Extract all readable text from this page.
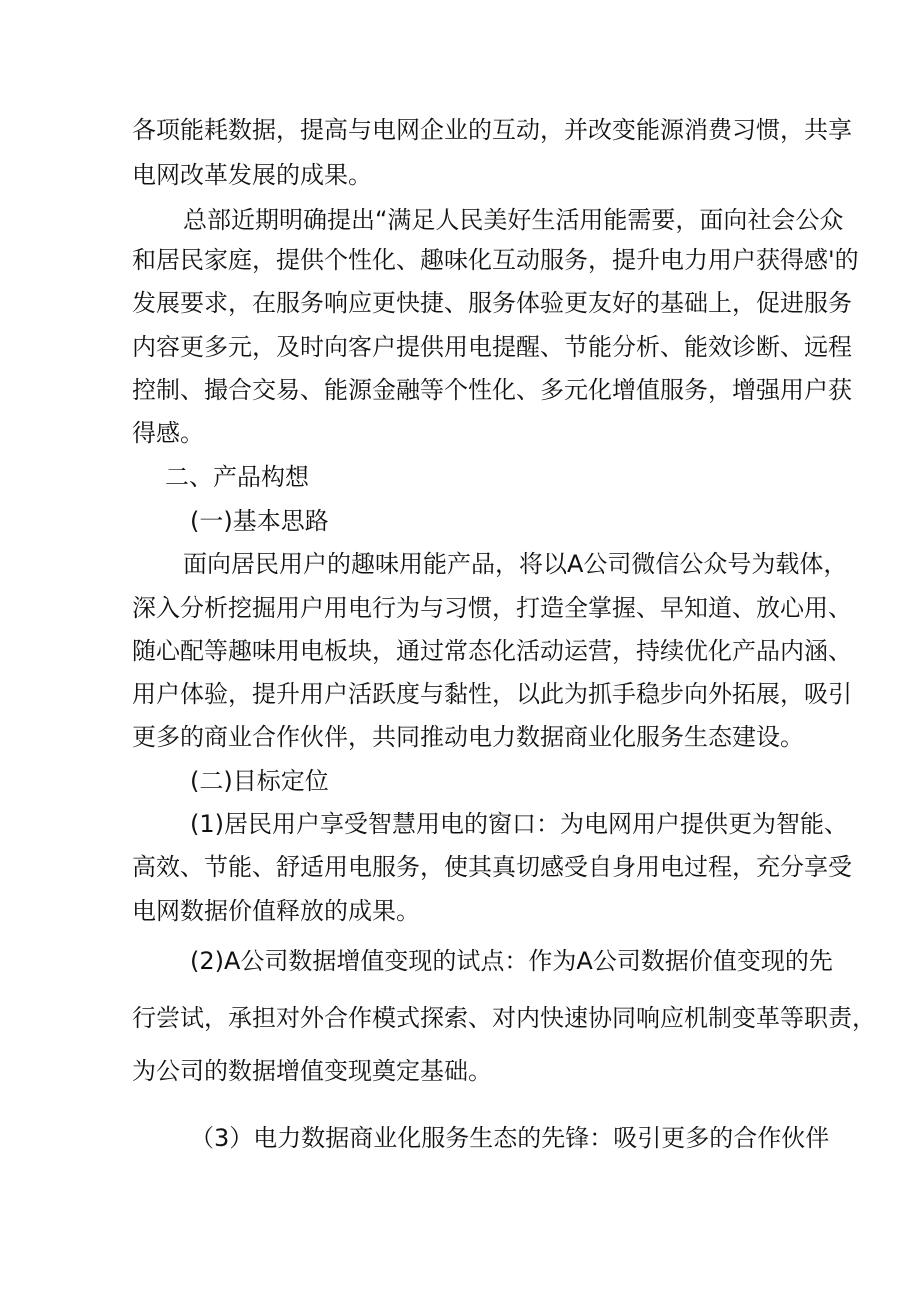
各项能耗数据，提高与电网企业的互动，并改变能源消费习惯，共享
电网改革发展的成果。
总部近期明确提出“满足人民美好生活用能需要，面向社会公众
和居民家庭，提供个性化、趣味化互动服务，提升电力用户获得感'的
发展要求，在服务响应更快捷、服务体验更友好的基础上，促进服务
内容更多元，及时向客户提供用电提醒、节能分析、能效诊断、远程
控制、撮合交易、能源金融等个性化、多元化增值服务，增强用户获
得感。
二、产品构想
(一)基本思路
面向居民用户的趣味用能产品，将以A公司微信公众号为载体，
深入分析挖掘用户用电行为与习惯，打造全掌握、早知道、放心用、
随心配等趣味用电板块，通过常态化活动运营，持续优化产品内涵、
用户体验，提升用户活跃度与黏性，以此为抓手稳步向外拓展，吸引
更多的商业合作伙伴，共同推动电力数据商业化服务生态建设。
(二)目标定位
(1)居民用户享受智慧用电的窗口：为电网用户提供更为智能、
高效、节能、舒适用电服务，使其真切感受自身用电过程，充分享受
电网数据价值释放的成果。
(2)A公司数据增值变现的试点：作为A公司数据价值变现的先
行尝试，承担对外合作模式探索、对内快速协同响应机制变革等职责，
为公司的数据增值变现奠定基础。
（3）电力数据商业化服务生态的先锋：吸引更多的合作伙伴
